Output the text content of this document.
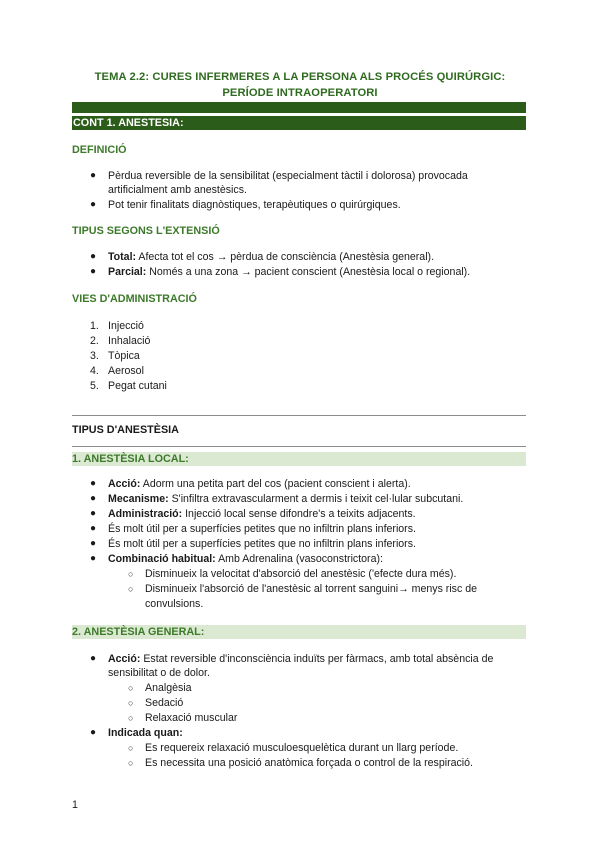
TEMA 2.2: CURES INFERMERES A LA PERSONA ALS PROCÉS QUIRÚRGIC:
PERÍODE INTRAOPERATORI
CONT 1. ANESTESIA:
DEFINICIÓ
● Pèrdua reversible de la sensibilitat (especialment tàctil i dolorosa) provocada
artificialment amb anestèsics.
● Pot tenir finalitats diagnòstiques, terapèutiques o quirúrgiques.
TIPUS SEGONS L'EXTENSIÓ
● Total: Afecta tot el cos → pèrdua de consciència (Anestèsia general).
● Parcial: Només a una zona → pacient conscient (Anestèsia local o regional).
VIES D'ADMINISTRACIÓ
1. Injecció
2. Inhalació
3. Tòpica
4. Aerosol
5. Pegat cutani
TIPUS D'ANESTÈSIA
1. ANESTÈSIA LOCAL:
● Acció: Adorm una petita part del cos (pacient conscient i alerta).
● Mecanisme: S'infiltra extravascularment a dermis i teixit cel·lular subcutani.
● Administració: Injecció local sense difondre's a teixits adjacents.
● És molt útil per a superfícies petites que no infiltrin plans inferiors.
● És molt útil per a superfícies petites que no infiltrin plans inferiors.
● Combinació habitual: Amb Adrenalina (vasoconstrictora):
○ Disminueix la velocitat d'absorció del anestèsic ('efecte dura més).
○ Disminueix l'absorció de l'anestèsic al torrent sanguini→ menys risc de
convulsions.
2. ANESTÈSIA GENERAL:
● Acció: Estat reversible d'inconsciència induïts per fàrmacs, amb total absència de
sensibilitat o de dolor.
○ Analgèsia
○ Sedació
○ Relaxació muscular
● Indicada quan:
○ Es requereix relaxació musculoesquelètica durant un llarg període.
○ Es necessita una posició anatòmica forçada o control de la respiració.
1
